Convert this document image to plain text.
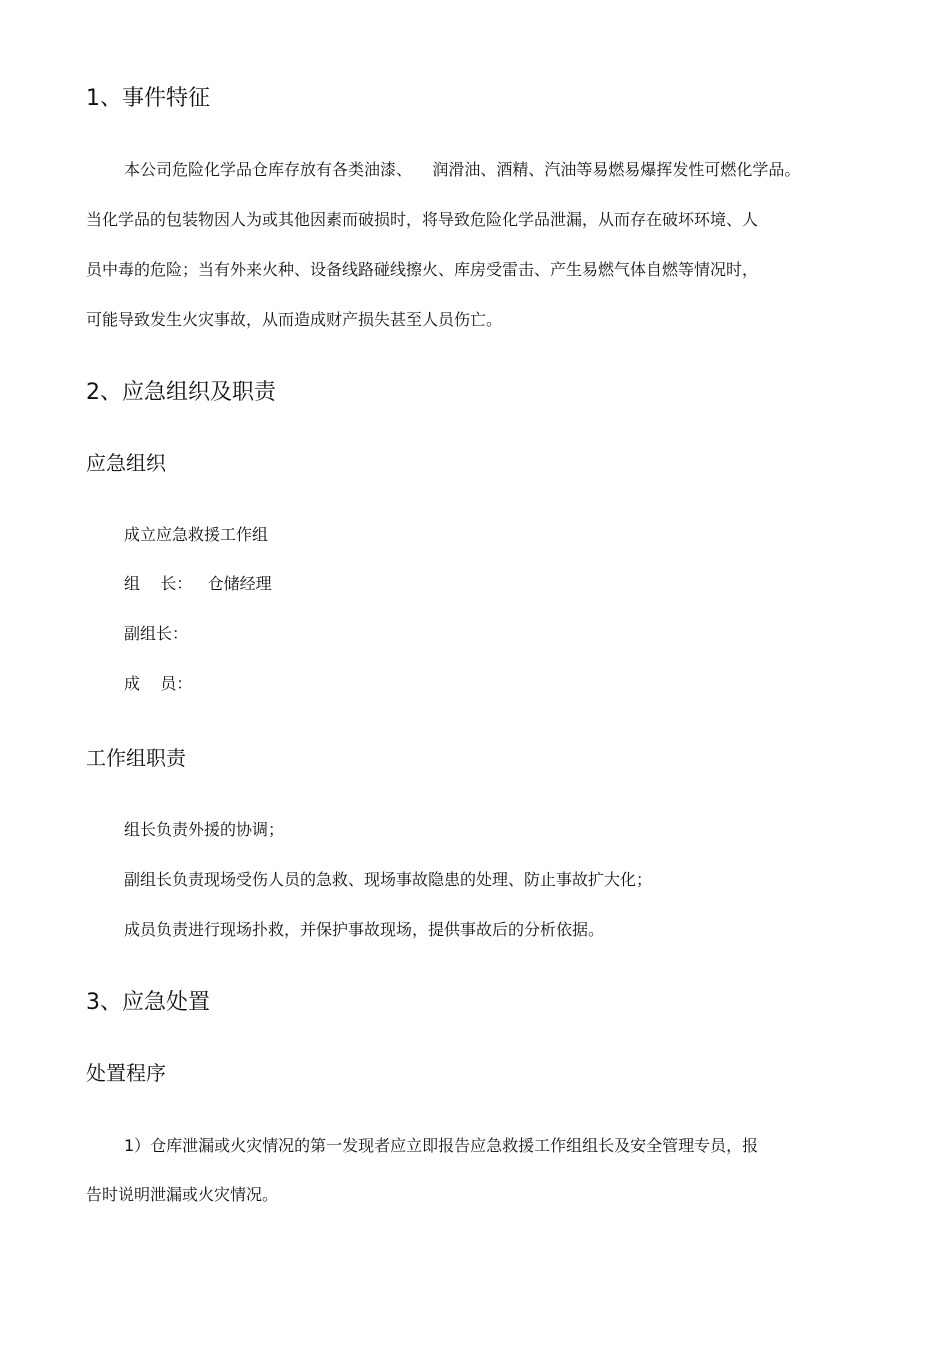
1、事件特征
本公司危险化学品仓库存放有各类油漆、    润滑油、酒精、汽油等易燃易爆挥发性可燃化学品。
当化学品的包装物因人为或其他因素而破损时，将导致危险化学品泄漏，从而存在破坏环境、人
员中毒的危险；当有外来火种、设备线路碰线擦火、库房受雷击、产生易燃气体自燃等情况时，
可能导致发生火灾事故，从而造成财产损失甚至人员伤亡。
2、应急组织及职责
应急组织
成立应急救援工作组
组    长：   仓储经理
副组长：
成    员：
工作组职责
组长负责外援的协调；
副组长负责现场受伤人员的急救、现场事故隐患的处理、防止事故扩大化；
成员负责进行现场扑救，并保护事故现场，提供事故后的分析依据。
3、应急处置
处置程序
1）仓库泄漏或火灾情况的第一发现者应立即报告应急救援工作组组长及安全管理专员，报
告时说明泄漏或火灾情况。
